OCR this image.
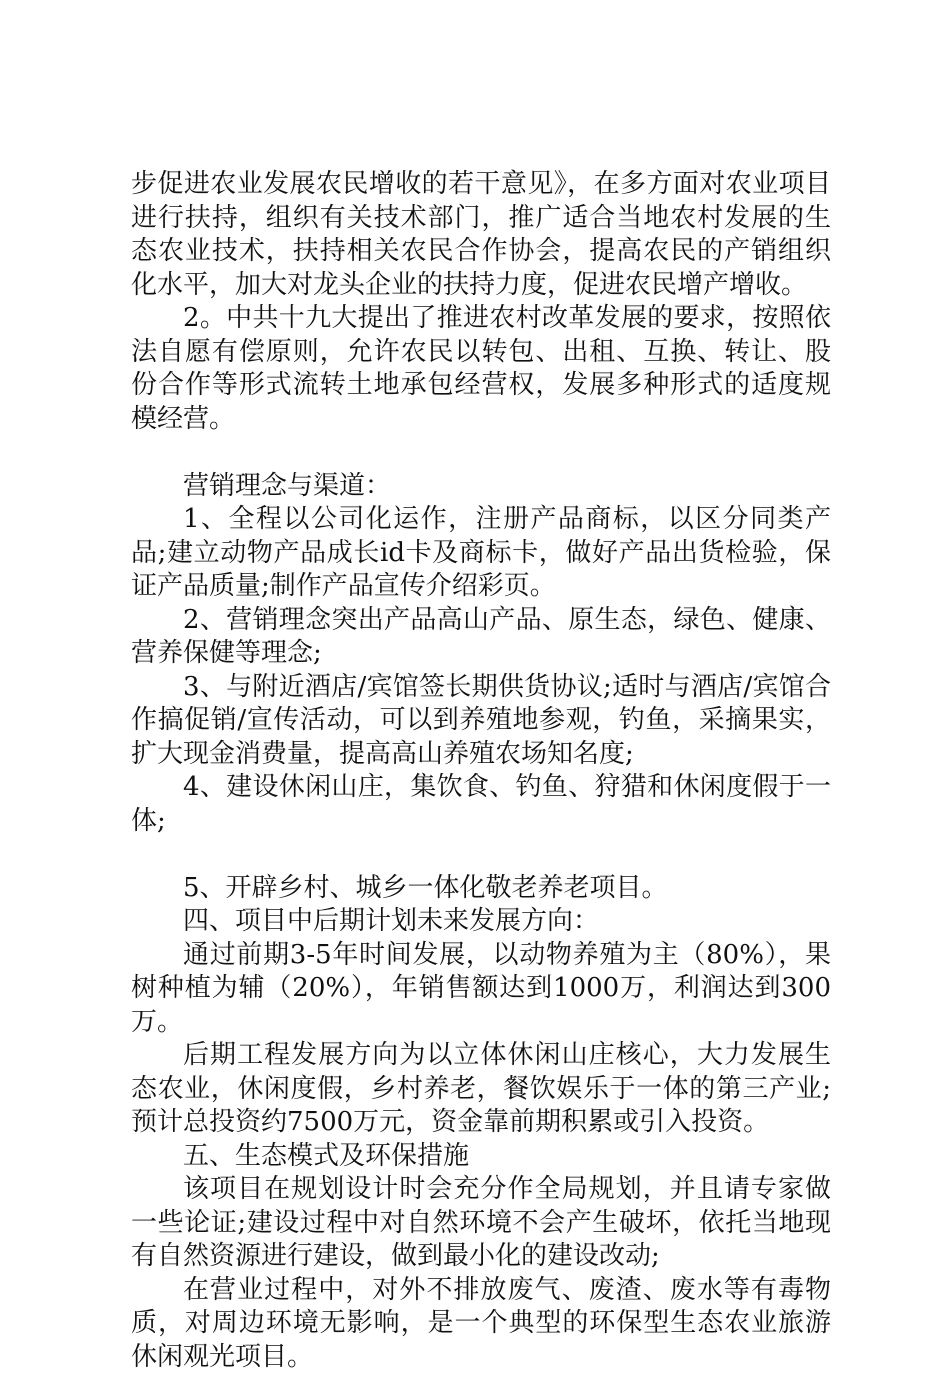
步促进农业发展农民增收的若干意见》，在多方面对农业项目进行扶持，组织有关技术部门，推广适合当地农村发展的生态农业技术，扶持相关农民合作协会，提高农民的产销组织化水平，加大对龙头企业的扶持力度，促进农民增产增收。

2。中共十九大提出了推进农村改革发展的要求，按照依法自愿有偿原则，允许农民以转包、出租、互换、转让、股份合作等形式流转土地承包经营权，发展多种形式的适度规模经营。

营销理念与渠道：

1、全程以公司化运作，注册产品商标，以区分同类产品;建立动物产品成长id卡及商标卡，做好产品出货检验，保证产品质量;制作产品宣传介绍彩页。

2、营销理念突出产品高山产品、原生态，绿色、健康、营养保健等理念;

3、与附近酒店/宾馆签长期供货协议;适时与酒店/宾馆合作搞促销/宣传活动，可以到养殖地参观，钓鱼，采摘果实，扩大现金消费量，提高高山养殖农场知名度;

4、建设休闲山庄，集饮食、钓鱼、狩猎和休闲度假于一体;

5、开辟乡村、城乡一体化敬老养老项目。

四、项目中后期计划未来发展方向：

通过前期3-5年时间发展，以动物养殖为主（80%），果树种植为辅（20%），年销售额达到1000万，利润达到300万。

后期工程发展方向为以立体休闲山庄核心，大力发展生态农业，休闲度假，乡村养老，餐饮娱乐于一体的第三产业;预计总投资约7500万元，资金靠前期积累或引入投资。

五、生态模式及环保措施

该项目在规划设计时会充分作全局规划，并且请专家做一些论证;建设过程中对自然环境不会产生破坏，依托当地现有自然资源进行建设，做到最小化的建设改动;

在营业过程中，对外不排放废气、废渣、废水等有毒物质，对周边环境无影响，是一个典型的环保型生态农业旅游休闲观光项目。
